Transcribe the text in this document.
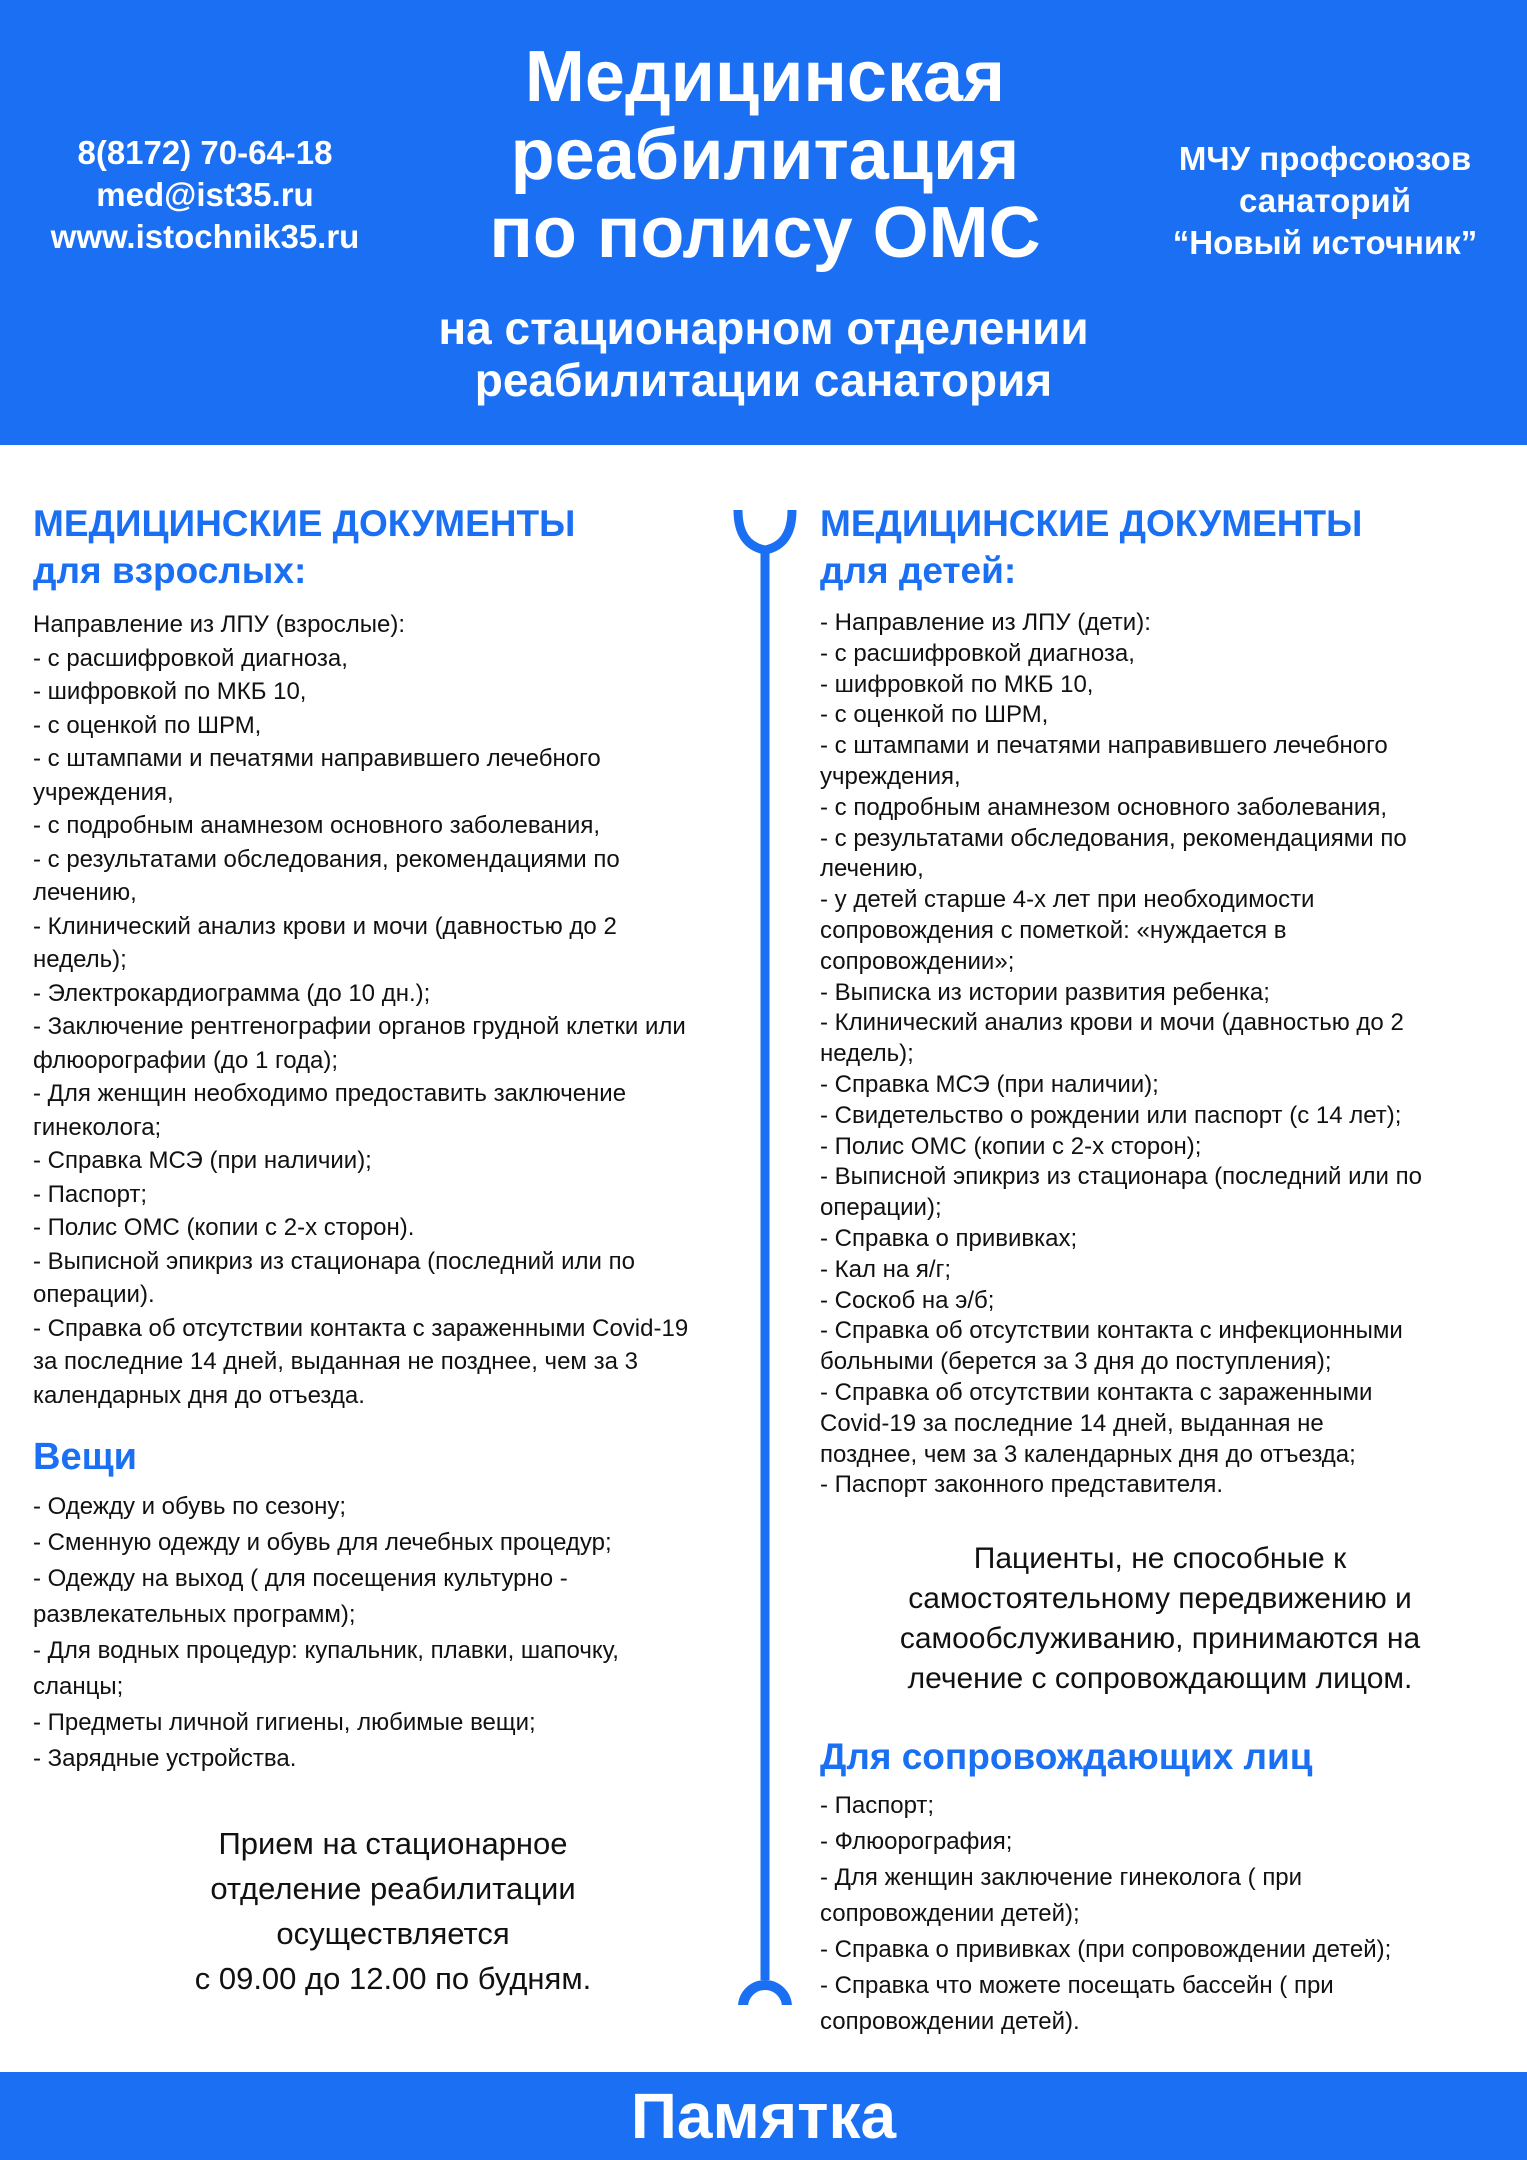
8(8172) 70-64-18
med@ist35.ru
www.istochnik35.ru
Медицинская
реабилитация
по полису ОМС
МЧУ профсоюзов
санаторий
“Новый источник”
на стационарном отделении
реабилитации санатория
МЕДИЦИНСКИЕ ДОКУМЕНТЫ
для взрослых:
Направление из ЛПУ (взрослые):
- с расшифровкой диагноза,
- шифровкой по МКБ 10,
- с оценкой по ШРМ,
- с штампами и печатями направившего лечебного
учреждения,
- с подробным анамнезом основного заболевания,
- с результатами обследования, рекомендациями по
лечению,
- Клинический анализ крови и мочи (давностью до 2
недель);
- Электрокардиограмма (до 10 дн.);
- Заключение рентгенографии органов грудной клетки или
флюорографии (до 1 года);
- Для женщин необходимо предоставить заключение
гинеколога;
- Справка МСЭ (при наличии);
- Паспорт;
- Полис ОМС (копии с 2-х сторон).
- Выписной эпикриз из стационара (последний или по
операции).
- Справка об отсутствии контакта с зараженными Covid-19
за последние 14 дней, выданная не позднее, чем за 3
календарных дня до отъезда.
Вещи
- Одежду и обувь по сезону;
- Сменную одежду и обувь для лечебных процедур;
- Одежду на выход ( для посещения культурно -
развлекательных программ);
- Для водных процедур: купальник, плавки, шапочку,
сланцы;
- Предметы личной гигиены, любимые вещи;
- Зарядные устройства.
Прием на стационарное
отделение реабилитации
осуществляется
с 09.00 до 12.00 по будням.
МЕДИЦИНСКИЕ ДОКУМЕНТЫ
для детей:
- Направление из ЛПУ (дети):
- с расшифровкой диагноза,
- шифровкой по МКБ 10,
- с оценкой по ШРМ,
- с штампами и печатями направившего лечебного
учреждения,
- с подробным анамнезом основного заболевания,
- с результатами обследования, рекомендациями по
лечению,
- у детей старше 4-х лет при необходимости
сопровождения с пометкой: «нуждается в
сопровождении»;
- Выписка из истории развития ребенка;
- Клинический анализ крови и мочи (давностью до 2
недель);
- Справка МСЭ (при наличии);
- Свидетельство о рождении или паспорт (с 14 лет);
- Полис ОМС (копии с 2-х сторон);
- Выписной эпикриз из стационара (последний или по
операции);
- Справка о прививках;
- Кал на я/г;
- Соскоб на э/б;
- Справка об отсутствии контакта с инфекционными
больными (берется за 3 дня до поступления);
- Справка об отсутствии контакта с зараженными
Covid-19 за последние 14 дней, выданная не
позднее, чем за 3 календарных дня до отъезда;
- Паспорт законного представителя.
Пациенты, не способные к
самостоятельному передвижению и
самообслуживанию, принимаются на
лечение с сопровождающим лицом.
Для сопровождающих лиц
- Паспорт;
- Флюорография;
- Для женщин заключение гинеколога ( при
сопровождении детей);
- Справка о прививках (при сопровождении детей);
- Справка что можете посещать бассейн ( при
сопровождении детей).
Памятка
